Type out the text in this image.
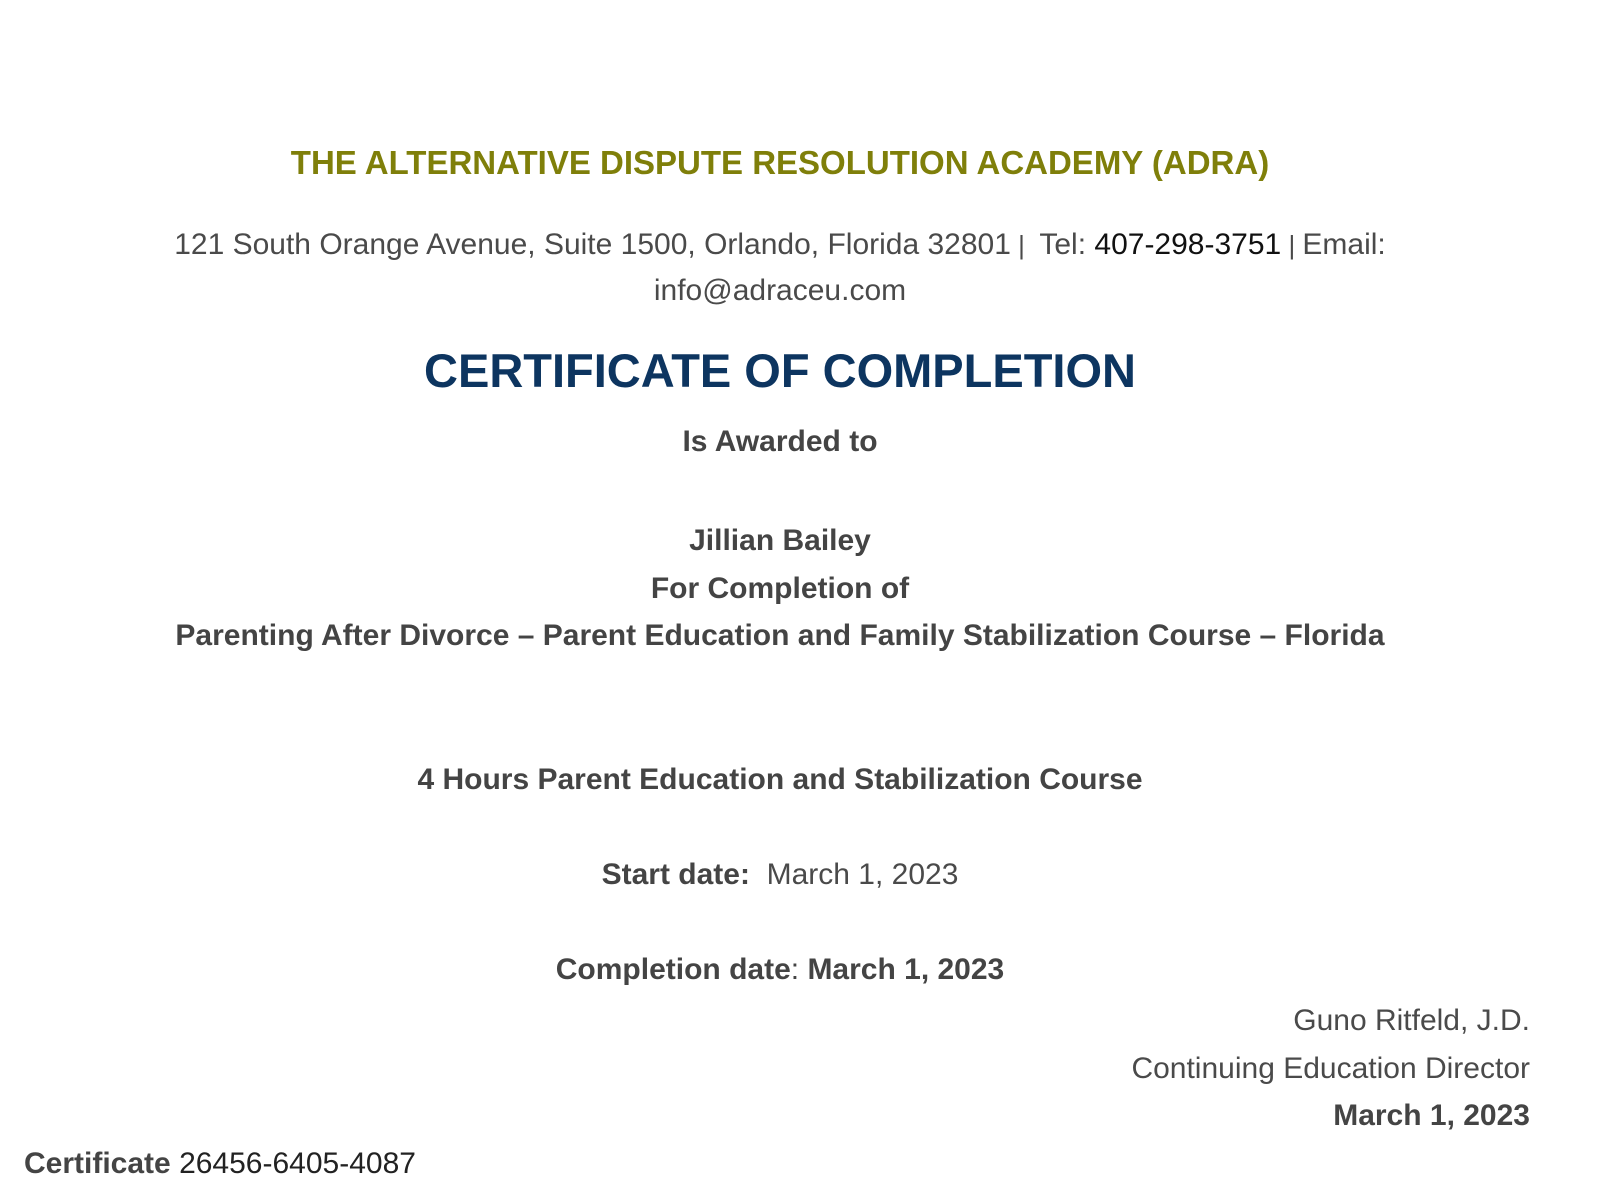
THE ALTERNATIVE DISPUTE RESOLUTION ACADEMY (ADRA)
121 South Orange Avenue, Suite 1500, Orlando, Florida 32801 |  Tel: 407-298-3751 | Email:
info@adraceu.com
CERTIFICATE OF COMPLETION
Is Awarded to
Jillian Bailey
For Completion of
Parenting After Divorce – Parent Education and Family Stabilization Course – Florida
4 Hours Parent Education and Stabilization Course
Start date: March 1, 2023
Completion date: March 1, 2023
Guno Ritfeld, J.D.
Continuing Education Director
March 1, 2023
Certificate 26456-6405-4087
